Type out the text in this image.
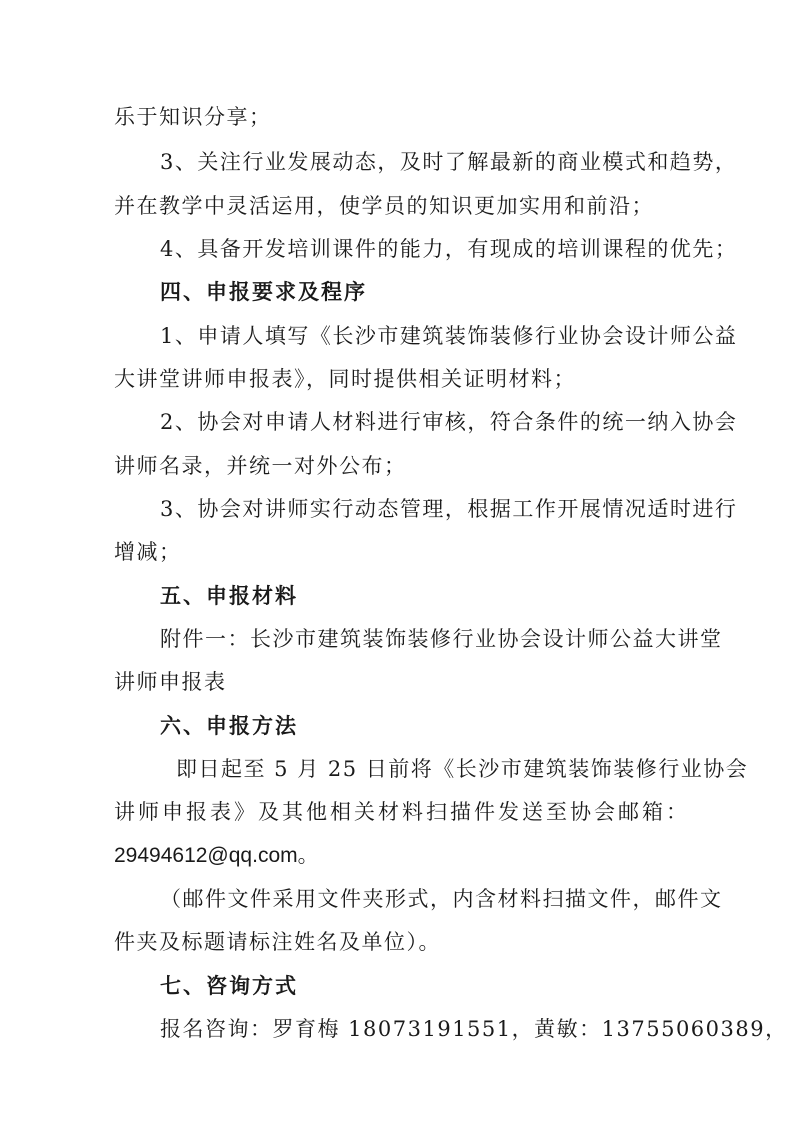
乐于知识分享；
3、关注行业发展动态，及时了解最新的商业模式和趋势，
并在教学中灵活运用，使学员的知识更加实用和前沿；
4、具备开发培训课件的能力，有现成的培训课程的优先；
四、申报要求及程序
1、申请人填写《长沙市建筑装饰装修行业协会设计师公益
大讲堂讲师申报表》，同时提供相关证明材料；
2、协会对申请人材料进行审核，符合条件的统一纳入协会
讲师名录，并统一对外公布；
3、协会对讲师实行动态管理，根据工作开展情况适时进行
增减；
五、申报材料
附件一：长沙市建筑装饰装修行业协会设计师公益大讲堂
讲师申报表
六、申报方法
即日起至 5 月 25 日前将《长沙市建筑装饰装修行业协会
讲师申报表》及其他相关材料扫描件发送至协会邮箱：
29494612@qq.com。
（邮件文件采用文件夹形式，内含材料扫描文件，邮件文
件夹及标题请标注姓名及单位）。
七、咨询方式
报名咨询：罗育梅 18073191551，黄敏：13755060389，
